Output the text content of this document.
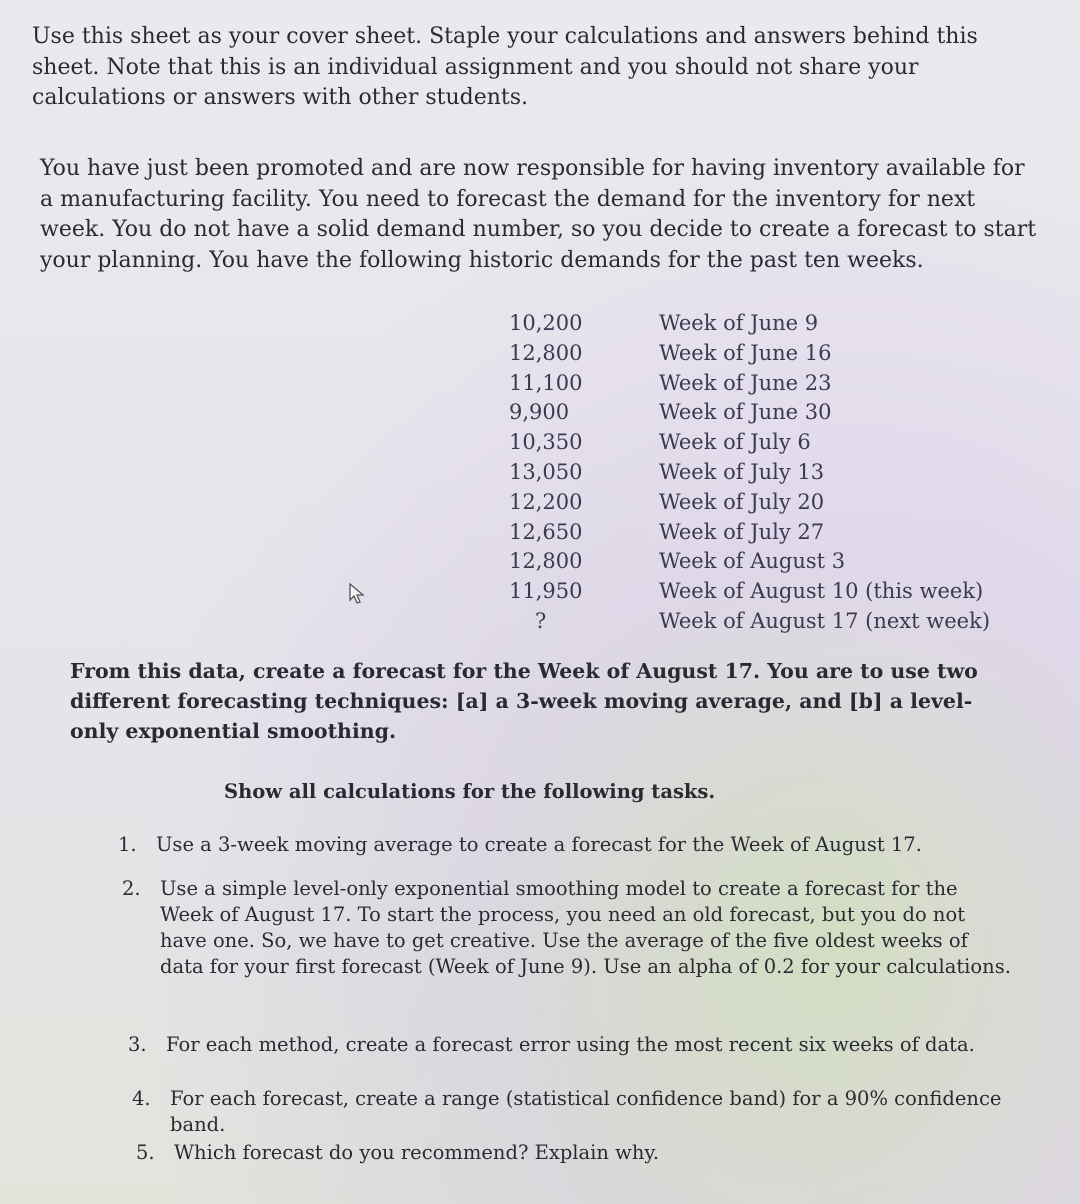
Use this sheet as your cover sheet. Staple your calculations and answers behind this sheet. Note that this is an individual assignment and you should not share your calculations or answers with other students.

You have just been promoted and are now responsible for having inventory available for a manufacturing facility. You need to forecast the demand for the inventory for next week. You do not have a solid demand number, so you decide to create a forecast to start your planning. You have the following historic demands for the past ten weeks.

10,200	Week of June 9
12,800	Week of June 16
11,100	Week of June 23
9,900	Week of June 30
10,350	Week of July 6
13,050	Week of July 13
12,200	Week of July 20
12,650	Week of July 27
12,800	Week of August 3
11,950	Week of August 10 (this week)
?	Week of August 17 (next week)

From this data, create a forecast for the Week of August 17. You are to use two different forecasting techniques: [a] a 3-week moving average, and [b] a level-only exponential smoothing.

Show all calculations for the following tasks.

1. Use a 3-week moving average to create a forecast for the Week of August 17.
2. Use a simple level-only exponential smoothing model to create a forecast for the Week of August 17. To start the process, you need an old forecast, but you do not have one. So, we have to get creative. Use the average of the five oldest weeks of data for your first forecast (Week of June 9). Use an alpha of 0.2 for your calculations.
3. For each method, create a forecast error using the most recent six weeks of data.
4. For each forecast, create a range (statistical confidence band) for a 90% confidence band.
5. Which forecast do you recommend? Explain why.
